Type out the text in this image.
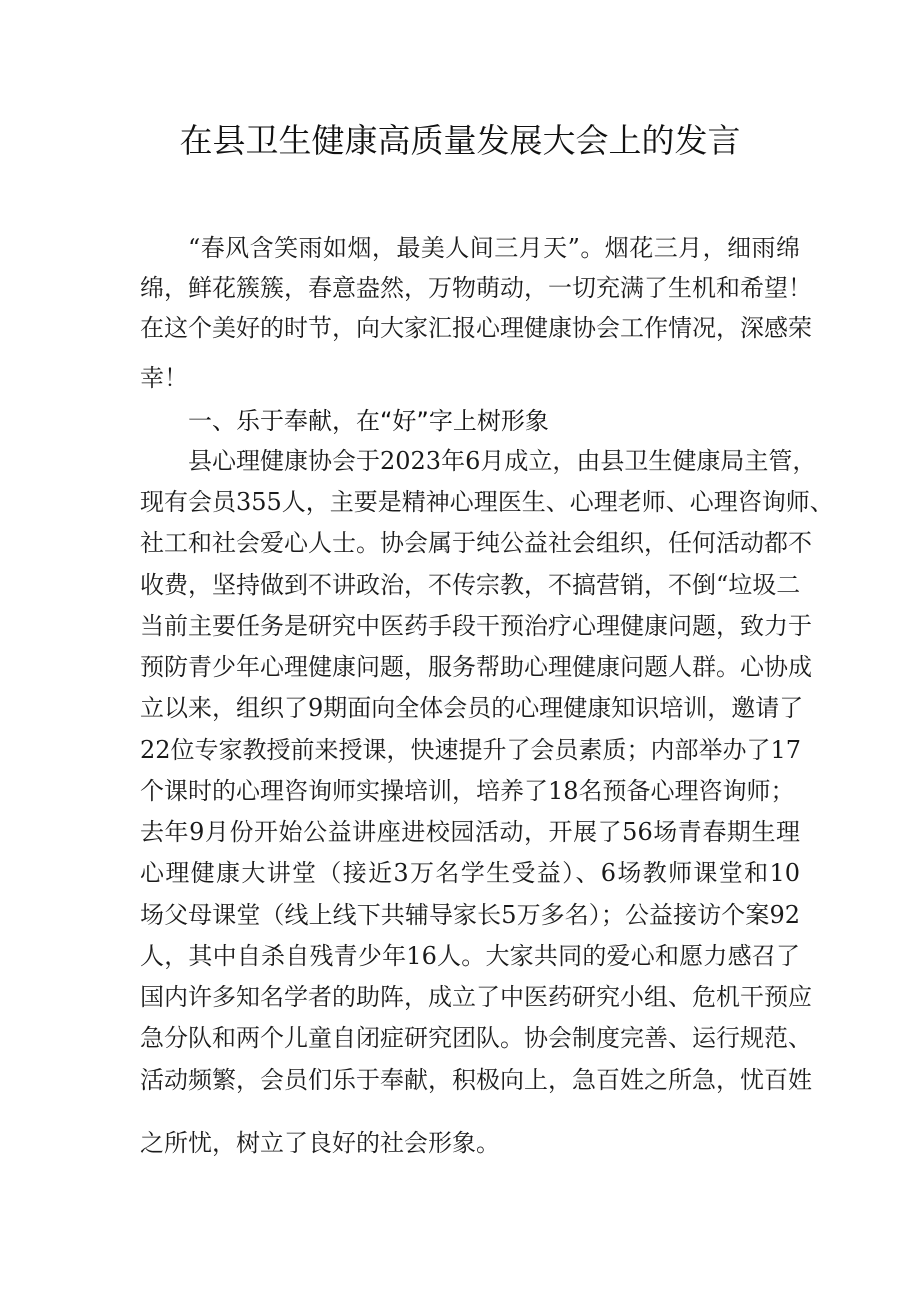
在县卫生健康高质量发展大会上的发言
“春风含笑雨如烟，最美人间三月天”。烟花三月，细雨绵
绵，鲜花簇簇，春意盎然，万物萌动，一切充满了生机和希望！
在这个美好的时节，向大家汇报心理健康协会工作情况，深感荣
幸！
一、乐于奉献，在“好”字上树形象
县心理健康协会于2023年6月成立，由县卫生健康局主管，
现有会员355人，主要是精神心理医生、心理老师、心理咨询师、
社工和社会爱心人士。协会属于纯公益社会组织，任何活动都不
收费，坚持做到不讲政治，不传宗教，不搞营销，不倒“垃圾二
当前主要任务是研究中医药手段干预治疗心理健康问题，致力于
预防青少年心理健康问题，服务帮助心理健康问题人群。心协成
立以来，组织了9期面向全体会员的心理健康知识培训，邀请了
22位专家教授前来授课，快速提升了会员素质；内部举办了17
个课时的心理咨询师实操培训，培养了18名预备心理咨询师；
去年9月份开始公益讲座进校园活动，开展了56场青春期生理
心理健康大讲堂（接近3万名学生受益）、6场教师课堂和10
场父母课堂（线上线下共辅导家长5万多名）；公益接访个案92
人，其中自杀自残青少年16人。大家共同的爱心和愿力感召了
国内许多知名学者的助阵，成立了中医药研究小组、危机干预应
急分队和两个儿童自闭症研究团队。协会制度完善、运行规范、
活动频繁，会员们乐于奉献，积极向上，急百姓之所急，忧百姓
之所忧，树立了良好的社会形象。
